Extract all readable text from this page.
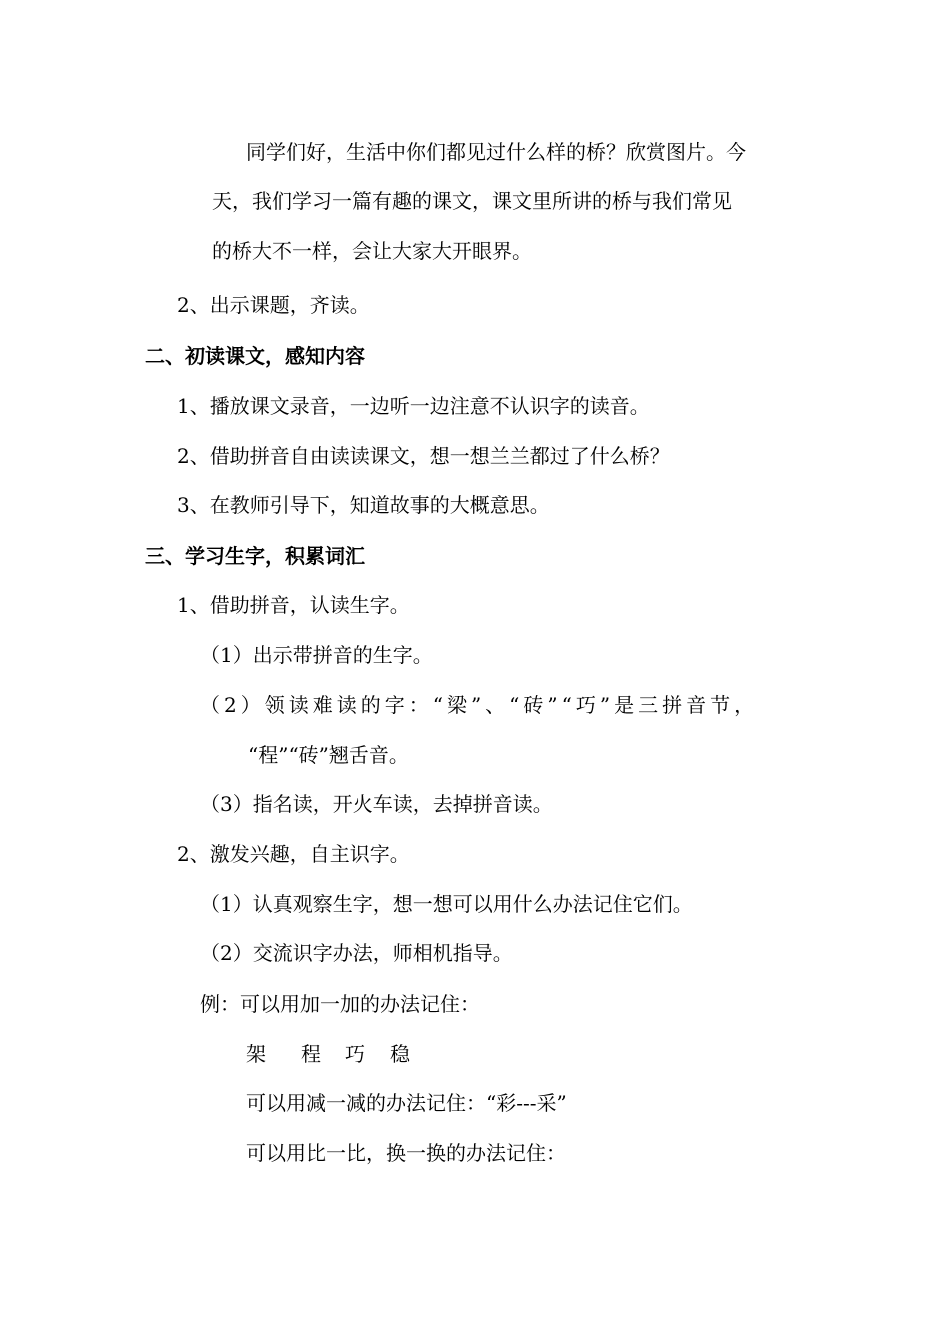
同学们好，生活中你们都见过什么样的桥？欣赏图片。今
天，我们学习一篇有趣的课文，课文里所讲的桥与我们常见
的桥大不一样，会让大家大开眼界。
2、出示课题，齐读。
二、初读课文，感知内容
1、播放课文录音，一边听一边注意不认识字的读音。
2、借助拼音自由读读课文，想一想兰兰都过了什么桥？
3、在教师引导下，知道故事的大概意思。
三、学习生字，积累词汇
1、借助拼音，认读生字。
（1）出示带拼音的生字。
（2）领读难读的字：“梁”、“砖”“巧”是三拼音节，
“程”“砖”翘舌音。
（3）指名读，开火车读，去掉拼音读。
2、激发兴趣，自主识字。
（1）认真观察生字，想一想可以用什么办法记住它们。
（2）交流识字办法，师相机指导。
例：可以用加一加的办法记住：
架 程 巧 稳
可以用减一减的办法记住：“彩---采”
可以用比一比，换一换的办法记住：
